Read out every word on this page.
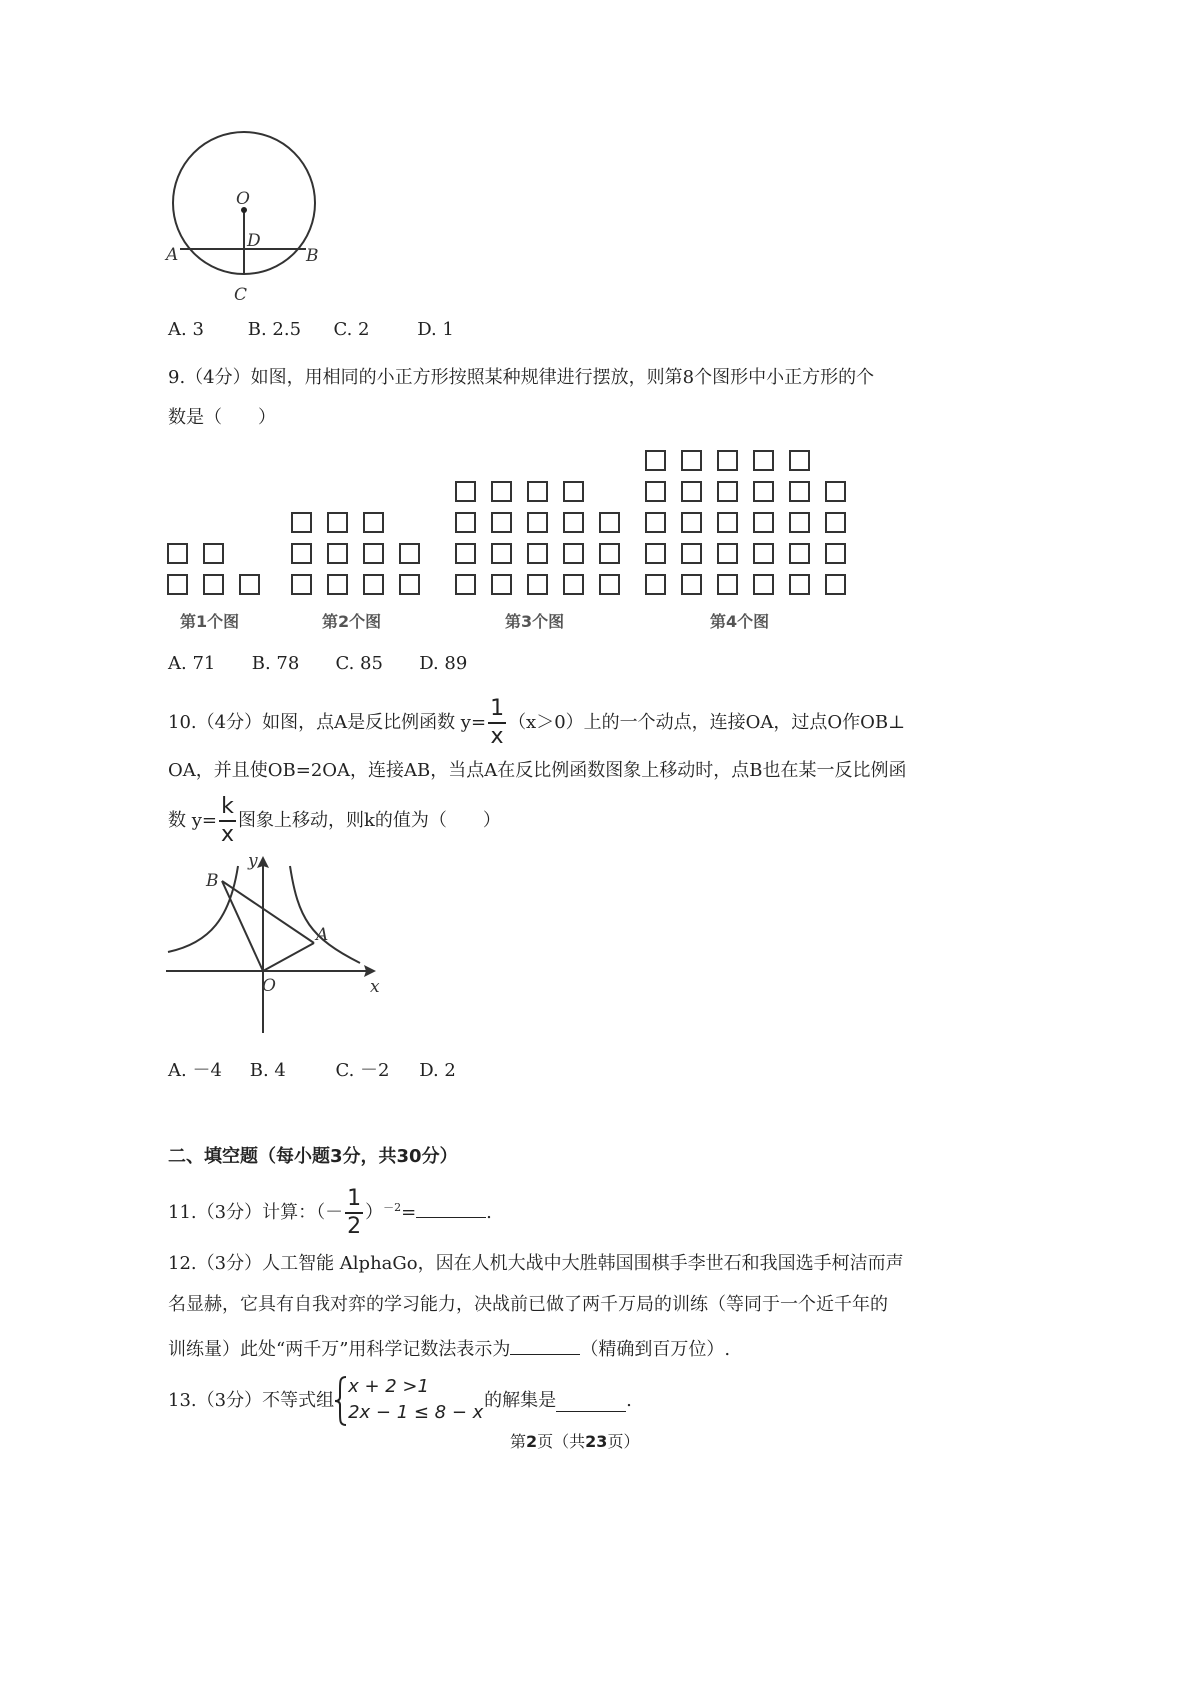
O
D
A	B
C
A. 3 B. 2.5 C. 2	D. 1
9.（4分）如图，用相同的小正方形按照某种规律进行摆放，则第8个图形中小正方形的个
数是（　　）
第1个图	第2个图	第3个图	第4个图
A. 71 B. 78 C. 85 D. 89
10.（4分）如图，点A是反比例函数 $y= \frac{1}{x} (x>0)$上的一个动点，连接OA，过点O作OB⊥
OA，并且使OB=2OA，连接AB，当点A在反比例函数图象上移动时，点B也在某一反比例函
数 $y= \frac{k}{x}$ 图象上移动，则k的值为（　　）
y
x
O
A
B
A. －4 B. 4	C. －2 D. 2
二、填空题（每小题3分，共30分）
11.（3分）计算：（－ $\frac{1}{2} )^{-2}=$	.
12.（3分）人工智能 AlphaGo，因在人机大战中大胜韩国围棋手李世石和我国选手柯洁而声
名显赫，它具有自我对弈的学习能力，决战前已做了两千万局的训练（等同于一个近千年的
训练量）此处“两千万”用科学记数法表示为	（精确到百万位）.
13.（3分）不等式组
x + 2 >1
2x − 1 ≤ 8 − x
的解集是	.
第2页（共23页）
